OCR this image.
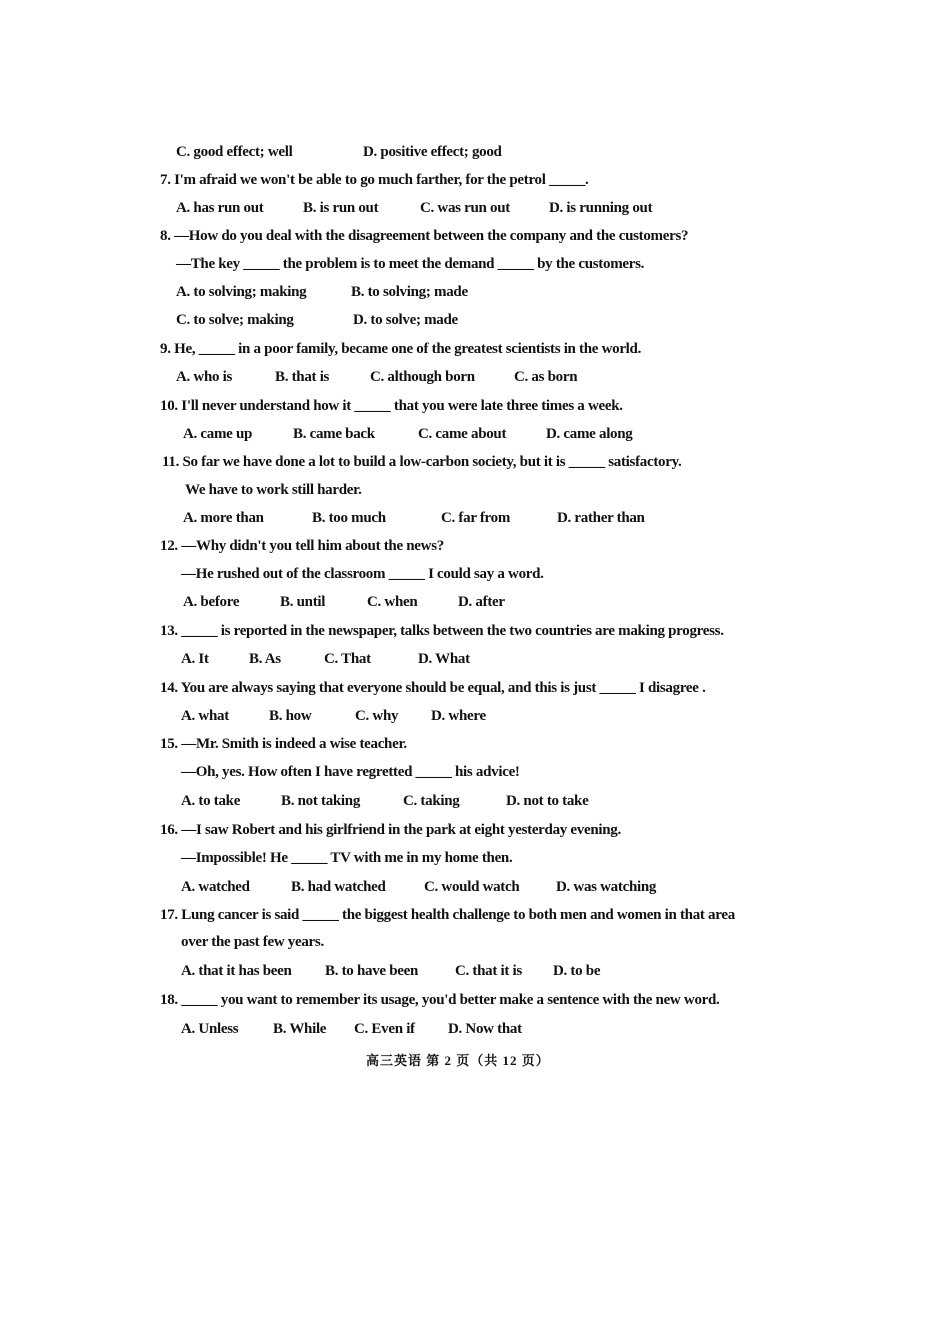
C. good effect; well	D. positive effect; good
7. I'm afraid we won't be able to go much farther, for the petrol _____.
A. has run out	B. is run out	C. was run out	D. is running out
8. —How do you deal with the disagreement between the company and the customers?
—The key _____ the problem is to meet the demand _____ by the customers.
A. to solving; making	B. to solving; made
C. to solve; making	D. to solve; made
9. He, _____ in a poor family, became one of the greatest scientists in the world.
A. who is	B. that is	C. although born	C. as born
10. I'll never understand how it _____ that you were late three times a week.
A. came up	B. came back	C. came about	D. came along
11. So far we have done a lot to build a low-carbon society, but it is _____ satisfactory.
We have to work still harder.
A. more than	B. too much	C. far from	D. rather than
12. —Why didn't you tell him about the news?
—He rushed out of the classroom _____ I could say a word.
A. before	B. until	C. when	D. after
13. _____ is reported in the newspaper, talks between the two countries are making progress.
A. It	B. As	C. That	D. What
14. You are always saying that everyone should be equal, and this is just _____ I disagree .
A. what	B. how	C. why D. where
15. —Mr. Smith is indeed a wise teacher.
—Oh, yes. How often I have regretted _____ his advice!
A. to take	B. not taking	C. taking	D. not to take
16. —I saw Robert and his girlfriend in the park at eight yesterday evening.
—Impossible! He _____ TV with me in my home then.
A. watched	B. had watched	C. would watch D. was watching
17. Lung cancer is said _____ the biggest health challenge to both men and women in that area
over the past few years.
A. that it has been B. to have been C. that it is D. to be
18. _____ you want to remember its usage, you'd better make a sentence with the new word.
A. Unless B. While C. Even if D. Now that
高三英语 第 2 页（共 12 页）
